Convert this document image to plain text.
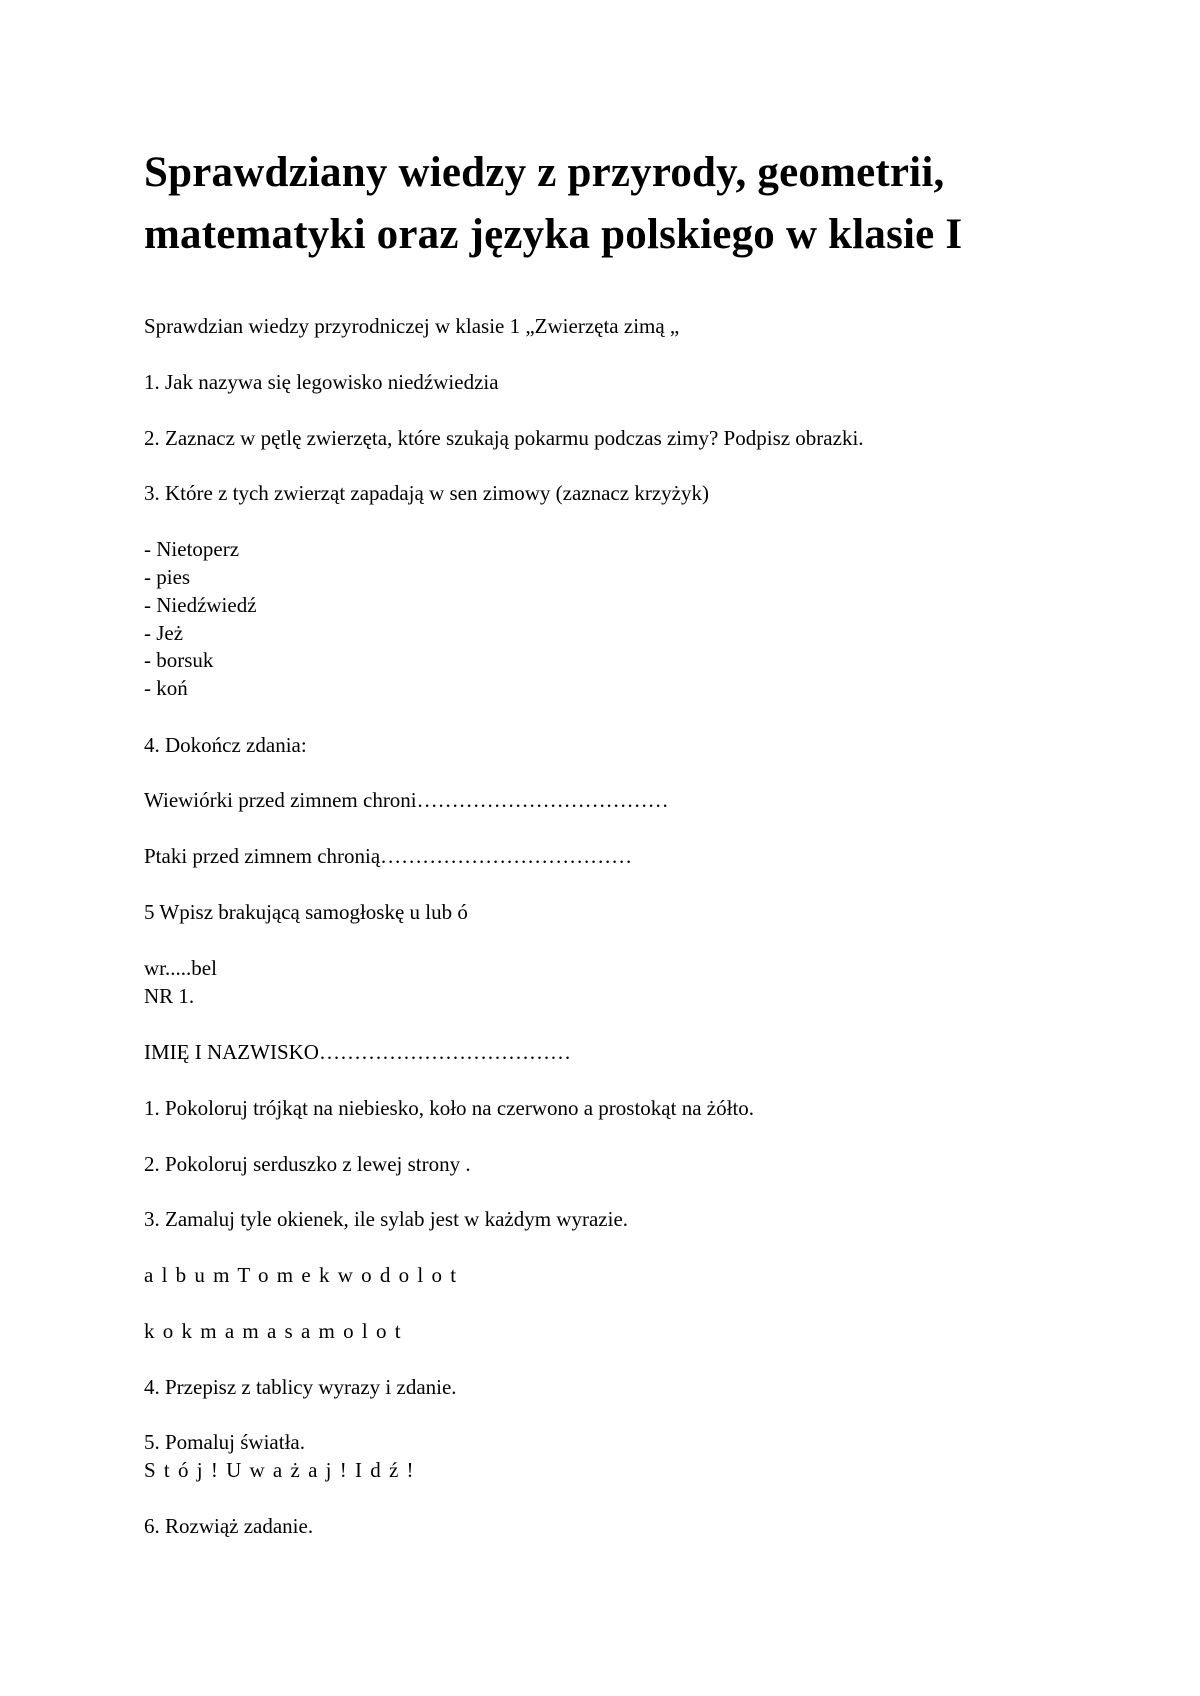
Sprawdziany wiedzy z przyrody, geometrii, matematyki oraz języka polskiego w klasie I
Sprawdzian wiedzy przyrodniczej w klasie 1 „Zwierzęta zimą „
1. Jak nazywa się legowisko niedźwiedzia
2. Zaznacz w pętlę zwierzęta, które szukają pokarmu podczas zimy? Podpisz obrazki.
3. Które z tych zwierząt zapadają w sen zimowy (zaznacz krzyżyk)
- Nietoperz
- pies
- Niedźwiedź
- Jeż
- borsuk
- koń
4. Dokończ zdania:
Wiewiórki przed zimnem chroni………………………………
Ptaki przed zimnem chronią………………………………
5 Wpisz brakującą samogłoskę u lub ó
wr.....bel
NR 1.
IMIĘ I NAZWISKO………………………………
1. Pokoloruj trójkąt na niebiesko, koło na czerwono a prostokąt na żółto.
2. Pokoloruj serduszko z lewej strony .
3. Zamaluj tyle okienek, ile sylab jest w każdym wyrazie.
a l b u m T o m e k w o d o l o t
k o k m a m a s a m o l o t
4. Przepisz z tablicy wyrazy i zdanie.
5. Pomaluj światła.
S t ó j ! U w a ż a j ! I d ź !
6. Rozwiąż zadanie.
